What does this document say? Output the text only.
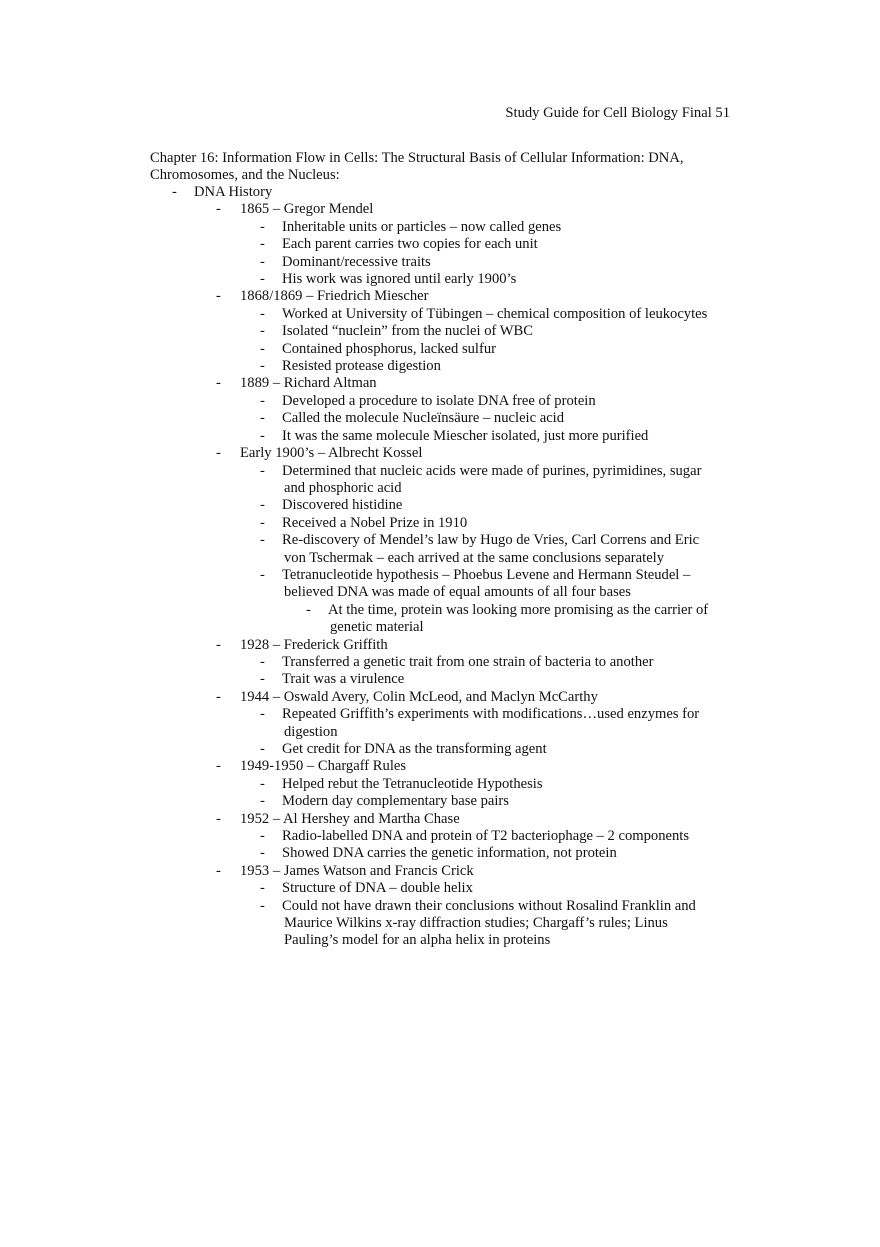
Study Guide for Cell Biology Final 51
Chapter 16: Information Flow in Cells: The Structural Basis of Cellular Information: DNA, Chromosomes, and the Nucleus:
- DNA History
- 1865 – Gregor Mendel
- Inheritable units or particles – now called genes
- Each parent carries two copies for each unit
- Dominant/recessive traits
- His work was ignored until early 1900’s
- 1868/1869 – Friedrich Miescher
- Worked at University of Tübingen – chemical composition of leukocytes
- Isolated “nuclein” from the nuclei of WBC
- Contained phosphorus, lacked sulfur
- Resisted protease digestion
- 1889 – Richard Altman
- Developed a procedure to isolate DNA free of protein
- Called the molecule Nucleïnsäure – nucleic acid
- It was the same molecule Miescher isolated, just more purified
- Early 1900’s – Albrecht Kossel
- Determined that nucleic acids were made of purines, pyrimidines, sugar and phosphoric acid
- Discovered histidine
- Received a Nobel Prize in 1910
- Re-discovery of Mendel’s law by Hugo de Vries, Carl Correns and Eric von Tschermak – each arrived at the same conclusions separately
- Tetranucleotide hypothesis – Phoebus Levene and Hermann Steudel – believed DNA was made of equal amounts of all four bases
- At the time, protein was looking more promising as the carrier of genetic material
- 1928 – Frederick Griffith
- Transferred a genetic trait from one strain of bacteria to another
- Trait was a virulence
- 1944 – Oswald Avery, Colin McLeod, and Maclyn McCarthy
- Repeated Griffith’s experiments with modifications…used enzymes for digestion
- Get credit for DNA as the transforming agent
- 1949-1950 – Chargaff Rules
- Helped rebut the Tetranucleotide Hypothesis
- Modern day complementary base pairs
- 1952 – Al Hershey and Martha Chase
- Radio-labelled DNA and protein of T2 bacteriophage – 2 components
- Showed DNA carries the genetic information, not protein
- 1953 – James Watson and Francis Crick
- Structure of DNA – double helix
- Could not have drawn their conclusions without Rosalind Franklin and Maurice Wilkins x-ray diffraction studies; Chargaff’s rules; Linus Pauling’s model for an alpha helix in proteins
